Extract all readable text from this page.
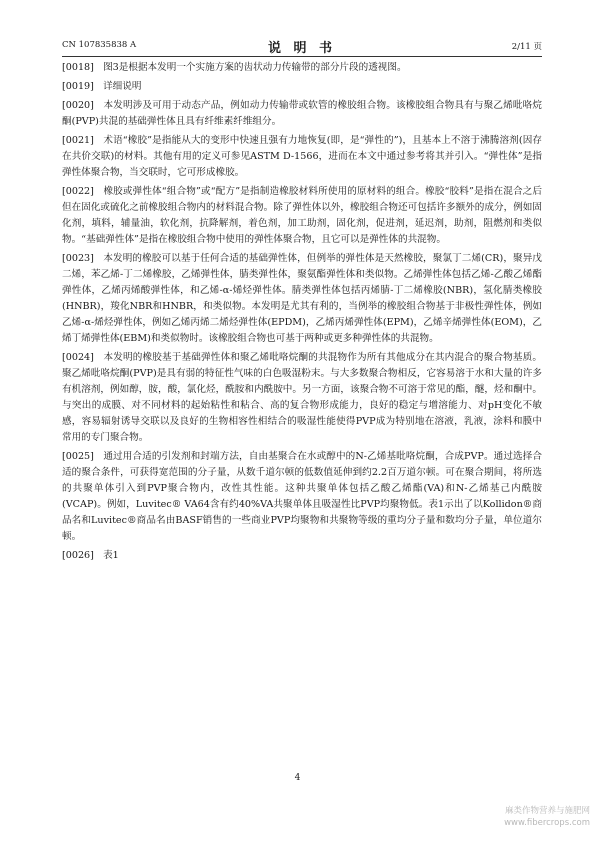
CN 107835838 A	说 明 书	2/11 页

[0018] 图3是根据本发明一个实施方案的齿状动力传输带的部分片段的透视图。

[0019] 详细说明

[0020] 本发明涉及可用于动态产品，例如动力传输带或软管的橡胶组合物。该橡胶组合物具有与聚乙烯吡咯烷酮(PVP)共混的基础弹性体且具有纤维素纤维组分。

[0021] 术语“橡胶”是指能从大的变形中快速且强有力地恢复(即，是“弹性的”)，且基本上不溶于沸腾溶剂(因存在共价交联)的材料。其他有用的定义可参见ASTM D-1566，进而在本文中通过参考将其并引入。“弹性体”是指弹性体聚合物，当交联时，它可形成橡胶。

[0022] 橡胶或弹性体“组合物”或“配方”是指制造橡胶材料所使用的原材料的组合。橡胶“胶料”是指在混合之后但在固化或硫化之前橡胶组合物内的材料混合物。除了弹性体以外，橡胶组合物还可包括许多额外的成分，例如固化剂，填料，辅量油，软化剂，抗降解剂，着色剂，加工助剂，固化剂，促进剂，延迟剂，助剂，阻燃剂和类似物。“基础弹性体”是指在橡胶组合物中使用的弹性体聚合物，且它可以是弹性体的共混物。

[0023] 本发明的橡胶可以基于任何合适的基础弹性体，但例举的弹性体是天然橡胶，聚氯丁二烯(CR)，聚异戊二烯，苯乙烯-丁二烯橡胶，乙烯弹性体，腈类弹性体，聚氨酯弹性体和类似物。乙烯弹性体包括乙烯-乙酸乙烯酯弹性体，乙烯丙烯酸弹性体，和乙烯-α-烯烃弹性体。腈类弹性体包括丙烯腈-丁二烯橡胶(NBR)，氢化腈类橡胶(HNBR)，羧化NBR和HNBR，和类似物。本发明是尤其有利的，当例举的橡胶组合物基于非极性弹性体，例如乙烯-α-烯烃弹性体，例如乙烯丙烯二烯烃弹性体(EPDM)，乙烯丙烯弹性体(EPM)，乙烯辛烯弹性体(EOM)，乙烯丁烯弹性体(EBM)和类似物时。该橡胶组合物也可基于两种或更多种弹性体的共混物。

[0024] 本发明的橡胶基于基础弹性体和聚乙烯吡咯烷酮的共混物作为所有其他成分在其内混合的聚合物基质。聚乙烯吡咯烷酮(PVP)是具有弱的特征性气味的白色吸湿粉末。与大多数聚合物相反，它容易溶于水和大量的许多有机溶剂，例如醇，胺，酸，氯化烃，酰胺和内酰胺中。另一方面，该聚合物不可溶于常见的酯，醚，烃和酮中。与突出的成膜、对不同材料的起始粘性和粘合、高的复合物形成能力，良好的稳定与增溶能力、对pH变化不敏感，容易辐射诱导交联以及良好的生物相容性相结合的吸湿性能使得PVP成为特别地在溶液，乳液，涂料和膜中常用的专门聚合物。

[0025] 通过用合适的引发剂和封端方法，自由基聚合在水或醇中的N-乙烯基吡咯烷酮，合成PVP。通过选择合适的聚合条件，可获得宽范围的分子量，从数千道尔顿的低数值延伸到约2.2百万道尔顿。可在聚合期间，将所选的共聚单体引入到PVP聚合物内，改性其性能。这种共聚单体包括乙酸乙烯酯(VA)和N-乙烯基己内酰胺(VCAP)。例如，Luvitec® VA64含有约40%VA共聚单体且吸湿性比PVP均聚物低。表1示出了以Kollidon®商品名和Luvitec®商品名由BASF销售的一些商业PVP均聚物和共聚物等级的重均分子量和数均分子量，单位道尔顿。

[0026] 表1

4
麻类作物营养与施肥网
www.fibercrops.com
